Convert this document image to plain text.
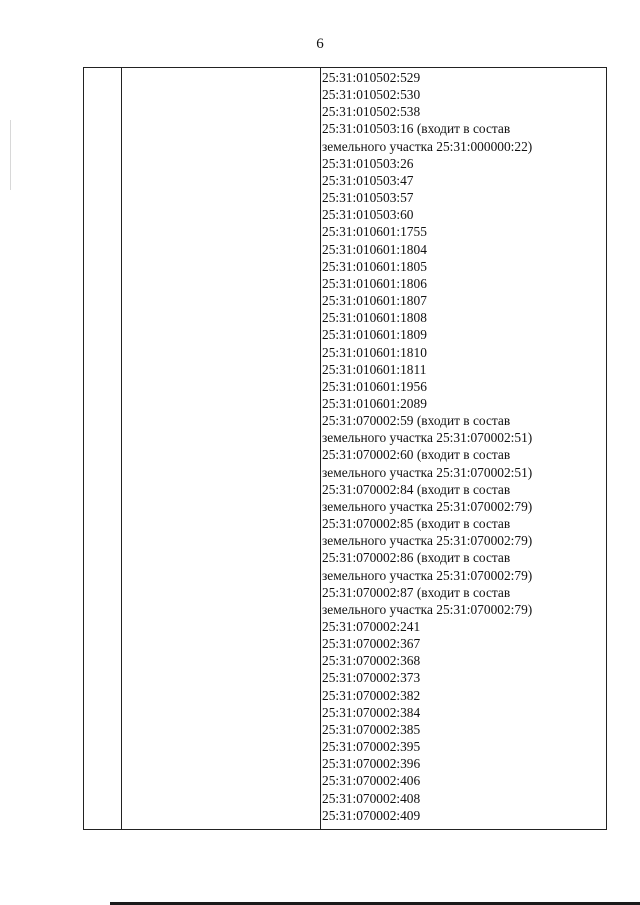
6
25:31:010502:529
25:31:010502:530
25:31:010502:538
25:31:010503:16 (входит в состав
земельного участка 25:31:000000:22)
25:31:010503:26
25:31:010503:47
25:31:010503:57
25:31:010503:60
25:31:010601:1755
25:31:010601:1804
25:31:010601:1805
25:31:010601:1806
25:31:010601:1807
25:31:010601:1808
25:31:010601:1809
25:31:010601:1810
25:31:010601:1811
25:31:010601:1956
25:31:010601:2089
25:31:070002:59 (входит в состав
земельного участка 25:31:070002:51)
25:31:070002:60 (входит в состав
земельного участка 25:31:070002:51)
25:31:070002:84 (входит в состав
земельного участка 25:31:070002:79)
25:31:070002:85 (входит в состав
земельного участка 25:31:070002:79)
25:31:070002:86 (входит в состав
земельного участка 25:31:070002:79)
25:31:070002:87 (входит в состав
земельного участка 25:31:070002:79)
25:31:070002:241
25:31:070002:367
25:31:070002:368
25:31:070002:373
25:31:070002:382
25:31:070002:384
25:31:070002:385
25:31:070002:395
25:31:070002:396
25:31:070002:406
25:31:070002:408
25:31:070002:409
